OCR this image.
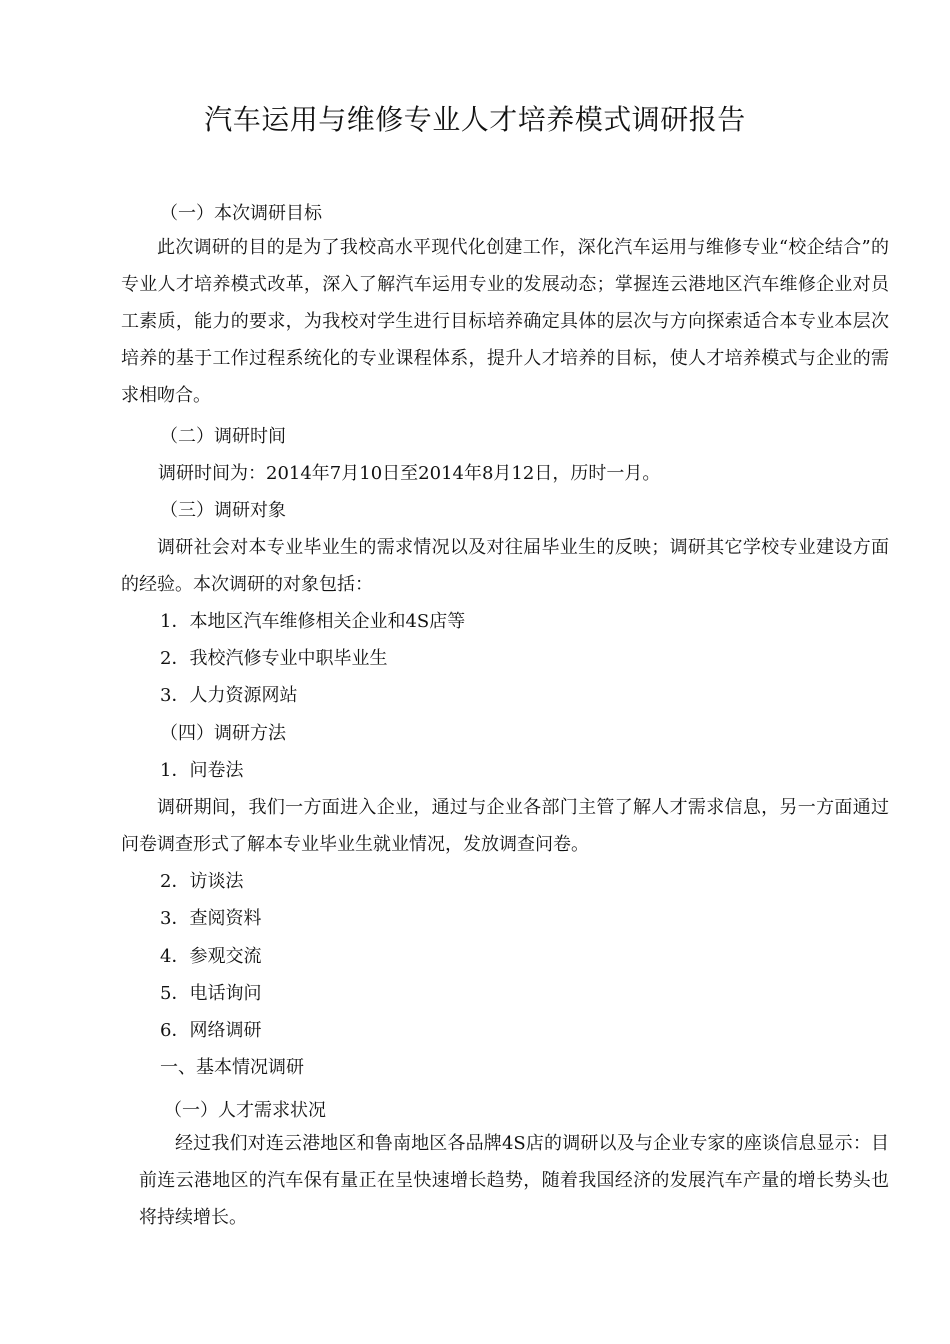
汽车运用与维修专业人才培养模式调研报告

（一）本次调研目标

此次调研的目的是为了我校高水平现代化创建工作，深化汽车运用与维修专业“校企结合”的专业人才培养模式改革，深入了解汽车运用专业的发展动态；掌握连云港地区汽车维修企业对员工素质，能力的要求，为我校对学生进行目标培养确定具体的层次与方向探索适合本专业本层次培养的基于工作过程系统化的专业课程体系，提升人才培养的目标，使人才培养模式与企业的需求相吻合。

（二）调研时间

调研时间为：2014年7月10日至2014年8月12日，历时一月。

（三）调研对象

调研社会对本专业毕业生的需求情况以及对往届毕业生的反映；调研其它学校专业建设方面的经验。本次调研的对象包括：

1．本地区汽车维修相关企业和4S店等

2．我校汽修专业中职毕业生

3．人力资源网站

（四）调研方法

1．问卷法

调研期间，我们一方面进入企业，通过与企业各部门主管了解人才需求信息，另一方面通过问卷调查形式了解本专业毕业生就业情况，发放调查问卷。

2．访谈法

3．查阅资料

4．参观交流

5．电话询问

6．网络调研

一、基本情况调研

（一）人才需求状况

经过我们对连云港地区和鲁南地区各品牌4S店的调研以及与企业专家的座谈信息显示：目前连云港地区的汽车保有量正在呈快速增长趋势，随着我国经济的发展汽车产量的增长势头也将持续增长。
